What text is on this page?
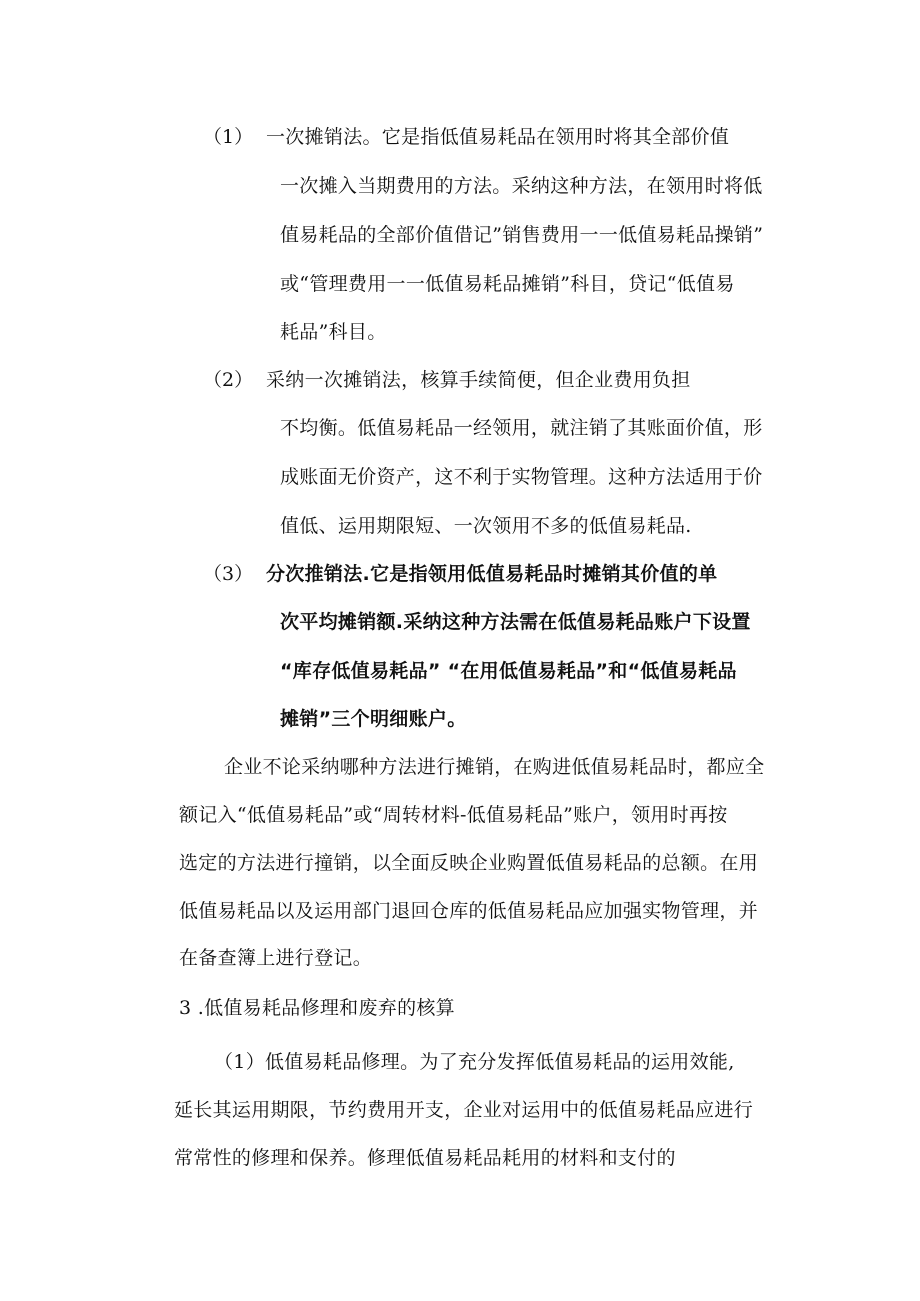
（1） 一次摊销法。它是指低值易耗品在领用时将其全部价值
一次摊入当期费用的方法。采纳这种方法，在领用时将低
值易耗品的全部价值借记”销售费用一一低值易耗品操销”
或“管理费用一一低值易耗品摊销”科目，贷记“低值易
耗品”科目。
（2） 采纳一次摊销法，核算手续简便，但企业费用负担
不均衡。低值易耗品一经领用，就注销了其账面价值，形
成账面无价资产，这不利于实物管理。这种方法适用于价
值低、运用期限短、一次领用不多的低值易耗品.
（3） 分次推销法.它是指领用低值易耗品时摊销其价值的单
次平均摊销额.采纳这种方法需在低值易耗品账户下设置
“库存低值易耗品” “在用低值易耗品”和“低值易耗品
摊销”三个明细账户。
企业不论采纳哪种方法进行摊销，在购进低值易耗品时，都应全
额记入“低值易耗品”或“周转材料-低值易耗品”账户，领用时再按
选定的方法进行撞销，以全面反映企业购置低值易耗品的总额。在用
低值易耗品以及运用部门退回仓库的低值易耗品应加强实物管理，并
在备查簿上进行登记。
3 .低值易耗品修理和废弃的核算
（1）低值易耗品修理。为了充分发挥低值易耗品的运用效能,
延长其运用期限，节约费用开支，企业对运用中的低值易耗品应进行
常常性的修理和保养。修理低值易耗品耗用的材料和支付的
